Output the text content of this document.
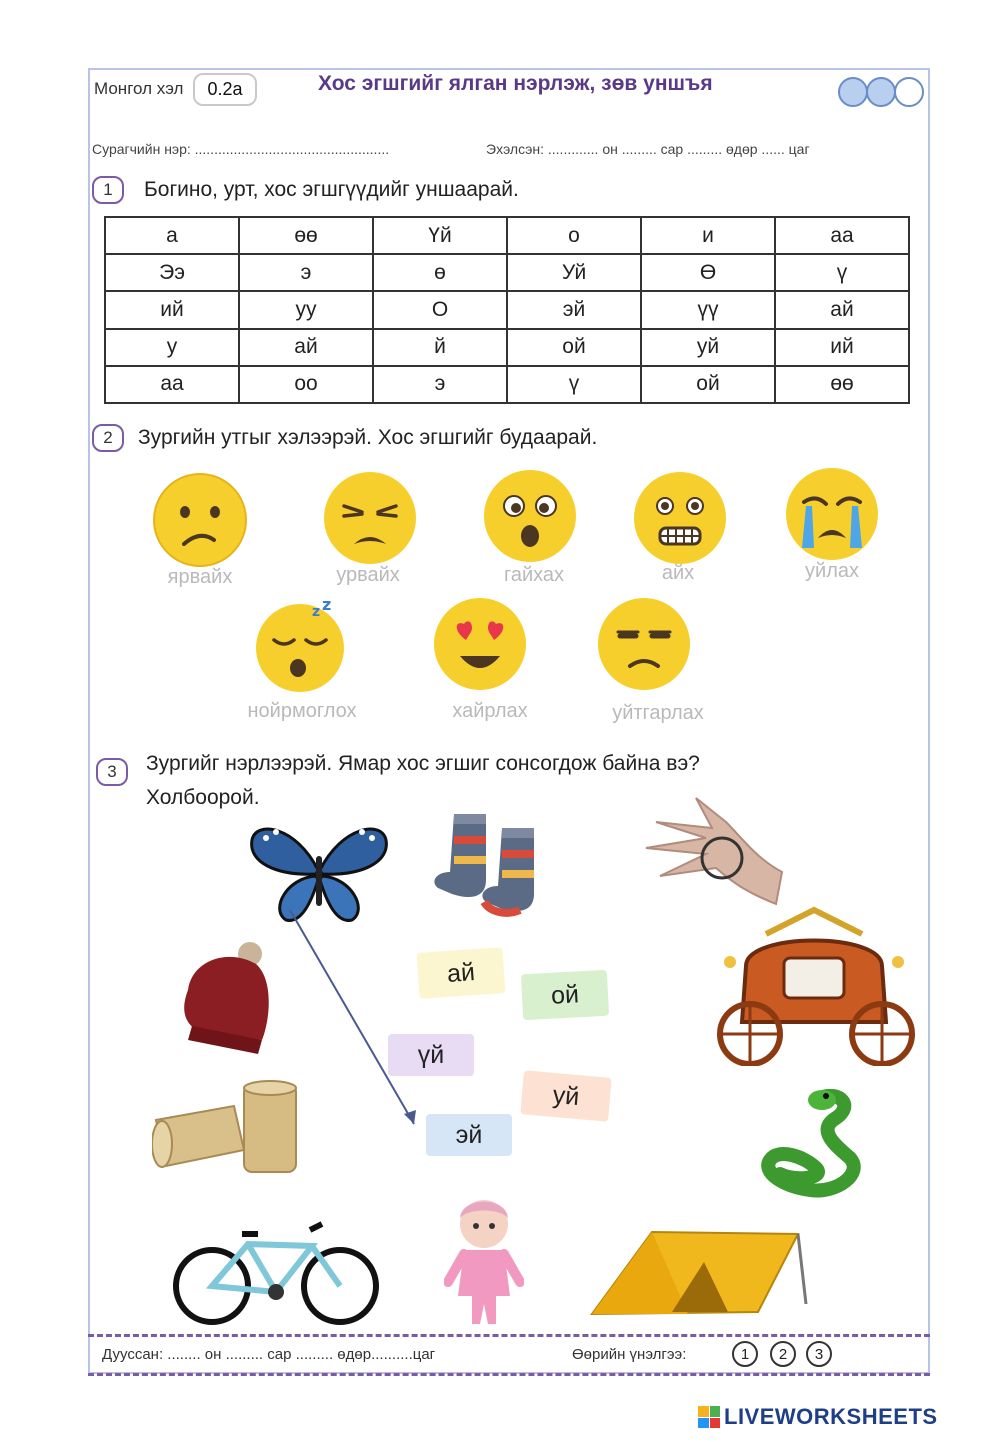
Монгол хэл	0.2а	Хос эгшгийг ялган нэрлэж, зөв уншъя
Сурагчийн нэр: ..................................................	Эхэлсэн: ............. он ......... сар ......... өдөр ...... цаг
1	Богино, урт, хос эгшгүүдийг уншаарай.
а	өө	Үй	о	и	аа
Ээ	э	ө	Уй	Ө	ү
ий	уу	О	эй	үү	ай
у	ай	й	ой	уй	ий
аа	оо	э	ү	ой	өө
2	Зургийн утгыг хэлээрэй. Хос эгшгийг будаарай.
ярвайх	урвайх	гайхах	айх	уйлах
z z
нойрмоглох	хайрлах	уйтгарлах
3	Зургийг нэрлээрэй. Ямар хос эгшиг сонсогдож байна вэ?
Холбоорой.
ай
ой
үй
уй
эй
Дууссан: ........ он ......... сар ......... өдөр..........цаг	Өөрийн үнэлгээ:	1	2	3
LIVEWORKSHEETS
